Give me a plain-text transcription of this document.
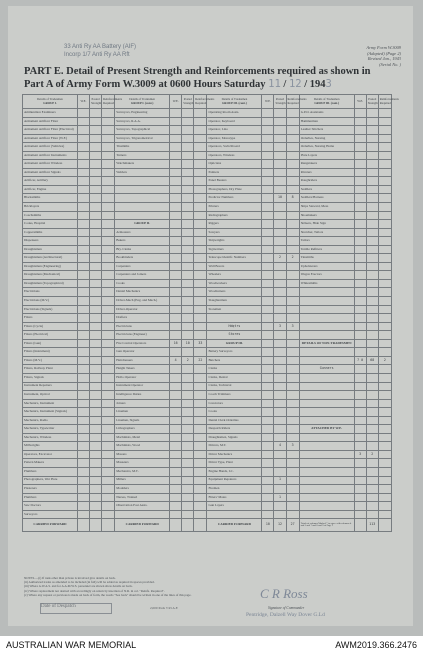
33 Anti Ry AA Battery (AIF)
Incorp 1/7 Anti Ry AA Rft
Army Form W.3009
(Adapted) (Page 2)
Revised Jan., 1943
(Serial No. )
PART E. Detail of Present Strength and Reinforcements required as shown in Part A of Army Form W.3009 at 0600 Hours Saturday 11 / 12 / 1943
Details of Tradesmen
GROUP I.	W.E.	Posted Strength	Reinforcements Required	Details of Tradesmen
GROUP I. (cont.)	W.E.	Posted Strength	Reinforcements Required	Details of Tradesmen
GROUP III. (cont.)	W.E.	Posted Strength	Reinforcements Required	Details of Tradesmen
GROUP III. (cont.)	W.E.	Posted Strength	Reinforcements Required
Ammunition Examiners				Surveyors, Engineering				Operating Room Assts.				G.P.O. Assistants			
Armament Artificer Fitter				Surveyors, R.A.A.				Operator, Keyboard				Hammermen			
Armament Artificer Fitter (Electrical)				Surveyors, Topographical				Operator, Lino				Leather Stitchers			
Armament Artificer Fitter (W.F.)				Surveyors, Trigonometrical				Operator, Monotype				Orderlies, Nursing			
Armament Artificer (Vehicles)				Tinsmiths				Operators, Switchboard				Orderlies, Nursing Home			
Armament Artificer Instruments				Turners				Operators, Wireless				Plate Layers			
Armament Artificer Wireless				Watchmakers				Opticians				Rangetakers			
Armament Artificer Signals				Welders				Painters				Riveters			
Artificer, Artillery								Panel Beaters				Roughriders			
Artificer, Engine								Photographers, Dry Plate				Saddlers			
Blacksmiths								Predictor Numbers		10	8	Saddlers/Harness			
Bricklayers								Printers				Ships Steward, Mess			
Coachsmiths								Radiographers				Shoemakers			
Cooks, Hospital				GROUP II.				Riggers				Strikers, Hide Sign			
Coppersmiths				Armourers				Sawyers				Stretcher, Tailors			
Dispensers				Bakers				Shipwrights				Tailors			
Draughtsmen				Bty. Clerks				Signwriters				Textile Refitters			
Draughtsmen (Architectural)				Bookbinders				Telescope Identifr. Numbers		2	2	Tinsmiths			
Draughtsmen (Engineering)				Carpenters				Wall Borers				Upholsterers			
Draughtsmen (Mechanical)				Carpenters and Joiners				Wheelers				Wagon Erectors			
Draughtsmen (Topographical)				Cooks				Woodworkers				Whitesmiths			
Electricians				Dental Mechanics				Woodturners							
Electricians (M.V.)				Driver-Mech (Eng. and Mech.)				Slaughtermen							
Electricians (Signals)				Driver-Operator				Storemen							
Fitters				Drafters											
Fitters (Cycle)				Electricians				Hdqtrs		3	3				
Fitters (Electrical)				Electricians (Engineer)				Stores							
Fitters (Gun)				Fire Control Operators	16	10	33	GROUP III.				DETAILS OF NON-TRADESMEN			
Fitters (Instrument)				Gun Operator				Battery Surveyors							
Fitters (M.V.)				Hairdressers	4	2	22	Butchers					7 0	68	2
Fitters, Railway Plant				Height Takers				Clerks				Gunners			
Fitters, Signals				Hollo Operator				Clerks, Dental							
Instrument Repairers				Instrument Operator				Clerks, Technical							
Instrument, Optical				Intelligence Duties				Coach Trimmers							
Mechanics, Instrument				Joiners				Concretors							
Mechanics, Instrument (Signals)				Linemen				Cooks							
Mechanics, Radio				Linemen, Signals				Dental Clerk Orderlies							
Mechanics, Typewriter				Lithographers				Despatch Riders				ATTACHED BY W.E.			
Mechanics, Wireless				Machinists, Metal				Draughtsmen, Signals							
Millwrights				Machinists, Wood				Drivers, M.T.		4	3				
Operators, Excavator				Masons				Driver Mechanics					3	2	
Pattern Makers				Masseurs				Driver Type, Plant							
Plumbers				Mechanics, M.T.				Engine Hands, I.C.							
Photographers, Wet Plate				Millers				Equipment Repairers		1					
Plasterers				Moulders				Firemen							
Plumbers				Nurses, Trained				Fitters' Mates		1					
Saw Doctors				Observation Post Assts.				Gun Layers							
Surveyors															
CARRIED FORWARD				CARRIED FORWARD				CARRIED FORWARD	10	12	27	Totals of columns Marked * to agree with columns 4 and 5 and 7 and 8 and 9 of Page 1		113	
NOTES.—(i) If rank other than private is involved give details on back.
(ii) Authorized trades as amended to be included (in full) will be added as required in spaces provided.
(iii) Where A.W.A.S. and for A.A.M.W.S. personnel are shown show details on back.
(iv) Where replacement not desired with accordingly on return by insertion of N.R. in col. "Reinfs. Required".
(v) Where any request or previous is made on back of form, the words "See back" should be written in one of the lines of this page.	C R Ross
Signature of Commander
Pentridge, Dalzell Way Dover G.Ld
Date of Despatch	2,000 Pads 7/43 A.F.
AUSTRALIAN WAR MEMORIAL	AWM2019.366.2476
